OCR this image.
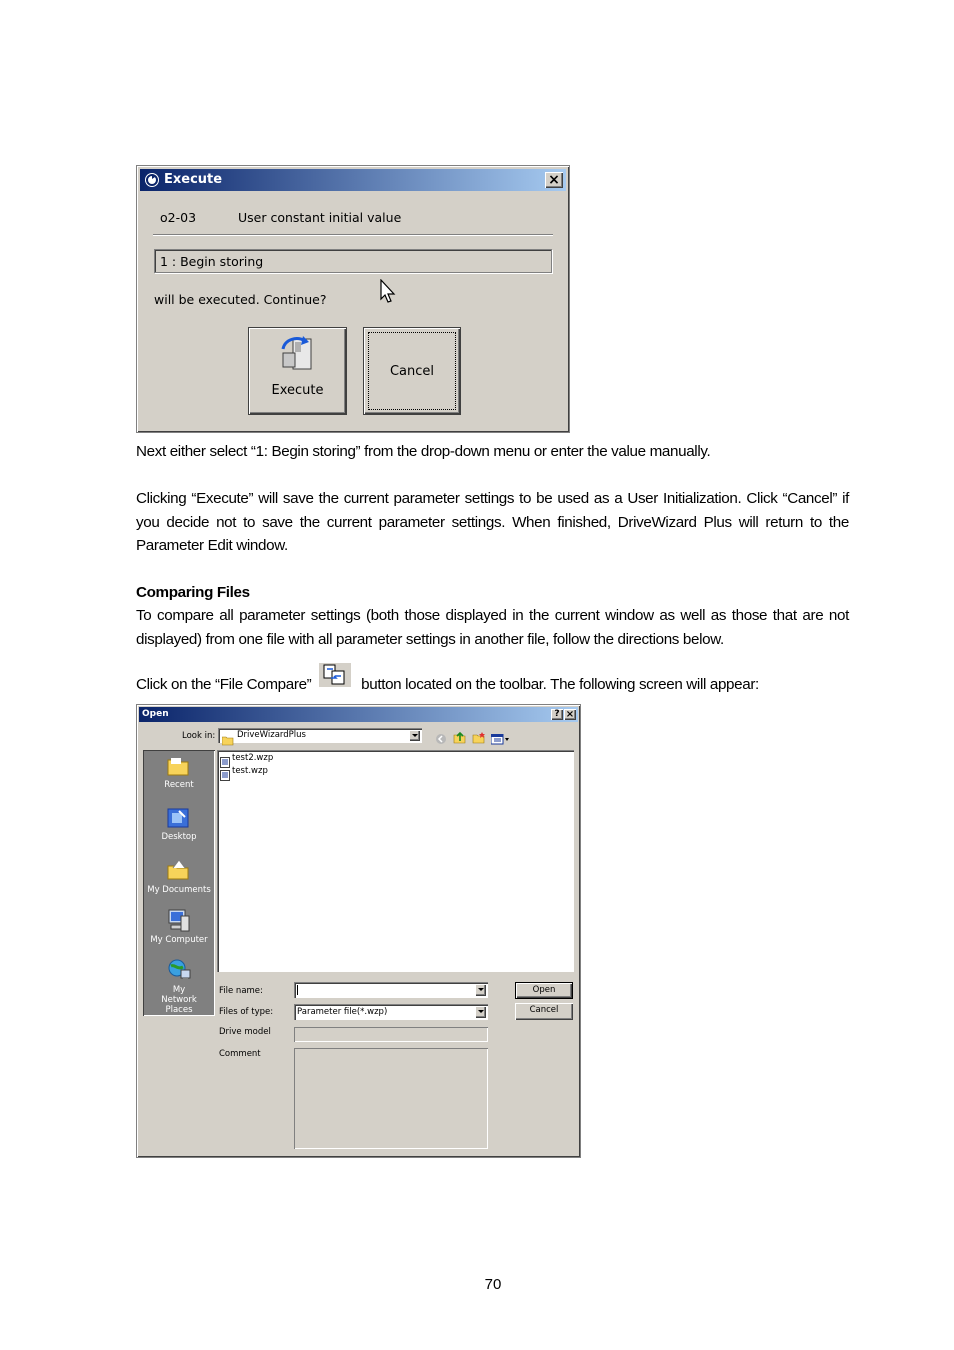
Execute	×
o2-03	User constant initial value
1 : Begin storing
will be executed. Continue?
Execute
Cancel
Next either select “1: Begin storing” from the drop-down menu or enter the value manually.
Clicking “Execute” will save the current parameter settings to be used as a User Initialization. Click “Cancel” if you decide not to save the current parameter settings. When finished, DriveWizard Plus will return to the Parameter Edit window.
Comparing Files
To compare all parameter settings (both those displayed in the current window as well as those that are not displayed) from one file with all parameter settings in another file, follow the directions below.
Click on the “File Compare”	button located on the toolbar. The following screen will appear:
Open	? ×
Look in:	DriveWizardPlus
Recent
Desktop
My Documents
My Computer
My Network Places
test2.wzp
test.wzp
File name:	Open
Files of type:	Parameter file(*.wzp)	Cancel
Drive model
Comment
70
